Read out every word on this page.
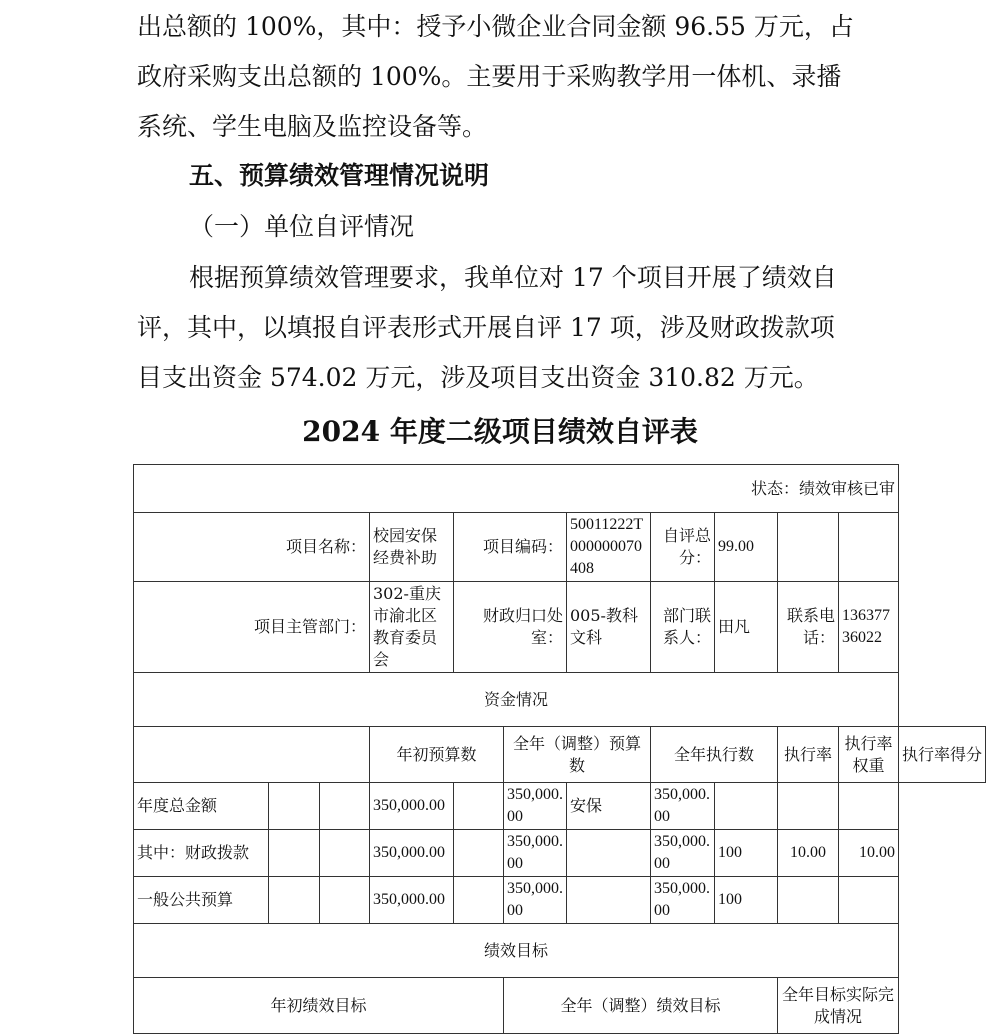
出总额的 100%，其中：授予小微企业合同金额 96.55 万元，占

政府采购支出总额的 100%。主要用于采购教学用一体机、录播

系统、学生电脑及监控设备等。

五、预算绩效管理情况说明
（一）单位自评情况

根据预算绩效管理要求，我单位对 17 个项目开展了绩效自

评，其中，以填报自评表形式开展自评 17 项，涉及财政拨款项

目支出资金 574.02 万元，涉及项目支出资金 310.82 万元。

2024 年度二级项目绩效自评表
状态：绩效审核已审											
项目名称：			校园安保经费补助	项目编码：		50011222T000000070408	自评总分：	99.00			
项目主管部门：			302-重庆市渝北区教育委员会	财政归口处室：		005-教科文科	部门联系人：	田凡	联系电话：	13637736022	
资金情况											
			年初预算数		全年（调整）预算数		全年执行数		执行率	执行率权重	执行率得分
年度总金额			350,000.00		350,000.00	安保	350,000.00				
其中：财政拨款			350,000.00		350,000.00		350,000.00	100	10.00	10.00	
一般公共预算			350,000.00		350,000.00		350,000.00	100			
绩效目标											
年初绩效目标					全年（调整）绩效目标				全年目标实际完成情况		
